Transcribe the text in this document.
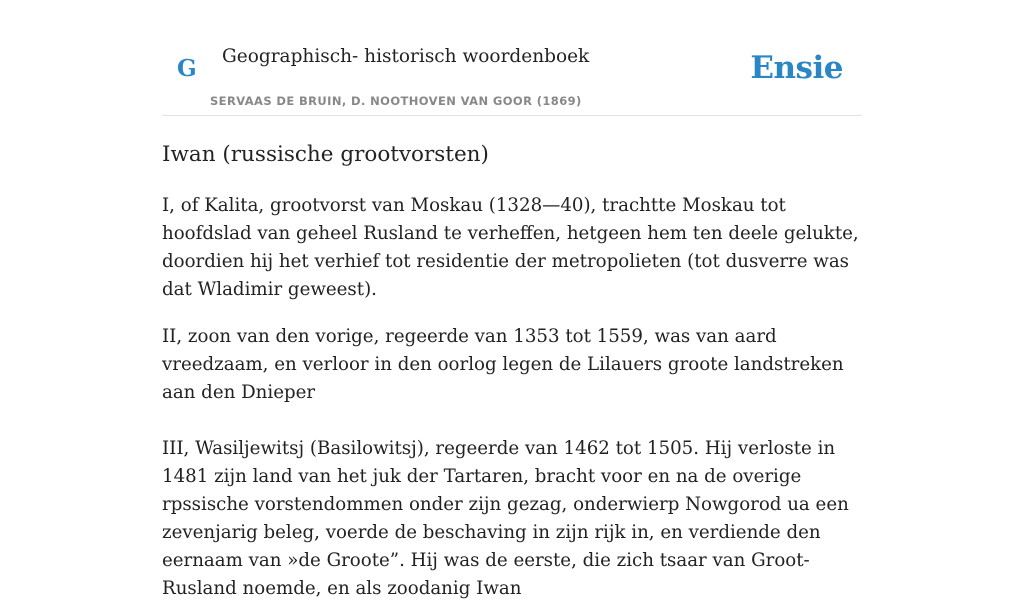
G Geographisch- historisch woordenboek
SERVAAS DE BRUIN, D. NOOTHOVEN VAN GOOR (1869)
Ensie
Iwan (russische grootvorsten)

I, of Kalita, grootvorst van Moskau (1328—40), trachtte Moskau tot hoofdslad van geheel Rusland te verheffen, hetgeen hem ten deele gelukte, doordien hij het verhief tot residentie der metropolieten (tot dusverre was dat Wladimir geweest).

II, zoon van den vorige, regeerde van 1353 tot 1559, was van aard vreedzaam, en verloor in den oorlog legen de Lilauers groote landstreken aan den Dnieper

III, Wasiljewitsj (Basilowitsj), regeerde van 1462 tot 1505. Hij verloste in 1481 zijn land van het juk der Tartaren, bracht voor en na de overige rpssische vorstendommen onder zijn gezag, onderwierp Nowgorod ua een zevenjarig beleg, voerde de beschaving in zijn rijk in, en verdiende den eernaam van »de Groote”. Hij was de eerste, die zich tsaar van Groot-Rusland noemde, en als zoodanig Iwan
